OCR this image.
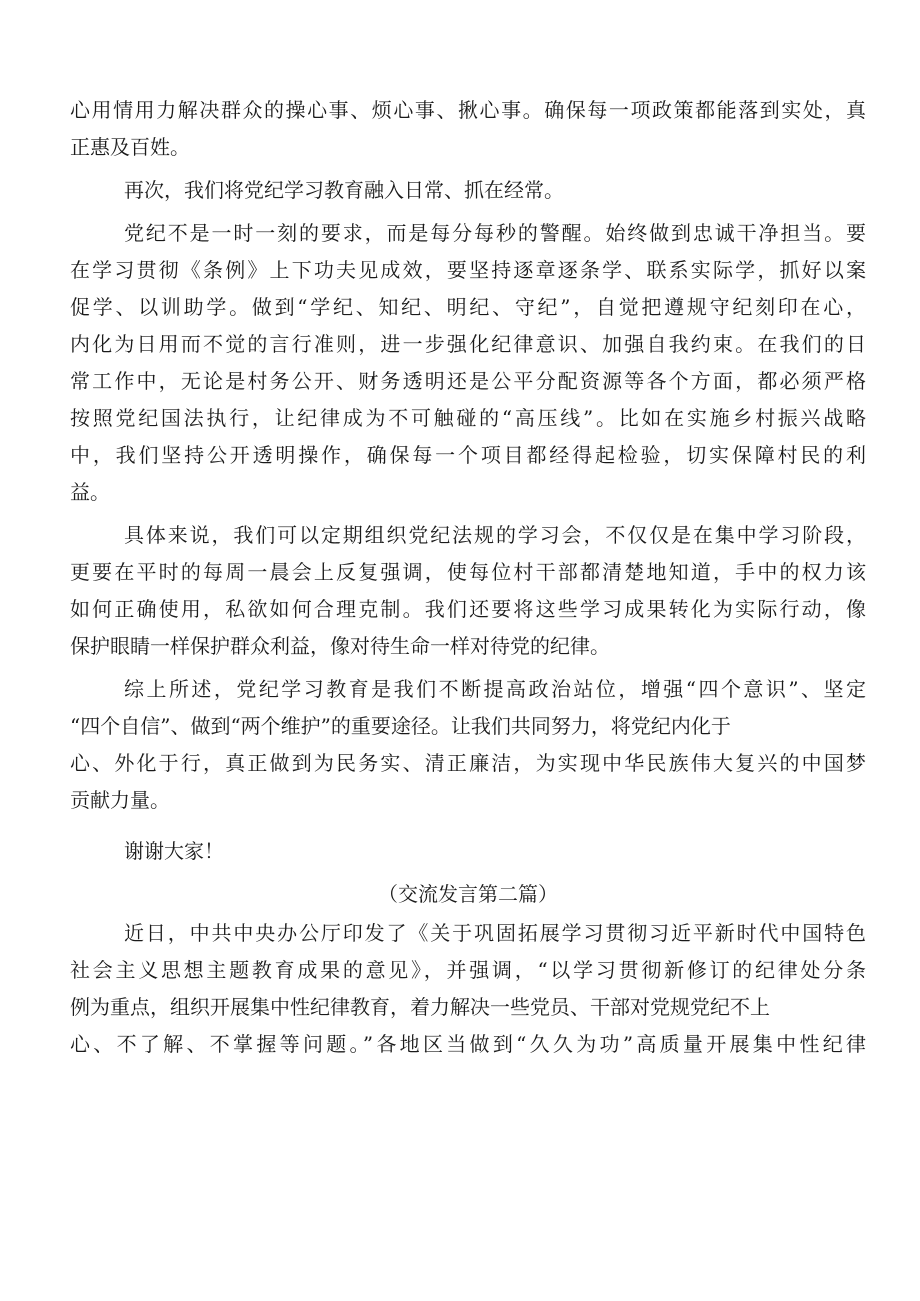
心用情用力解决群众的操心事、烦心事、揪心事。确保每一项政策都能落到实处，真
正惠及百姓。
再次，我们将党纪学习教育融入日常、抓在经常。
党纪不是一时一刻的要求，而是每分每秒的警醒。始终做到忠诚干净担当。要
在学习贯彻《条例》上下功夫见成效，要坚持逐章逐条学、联系实际学，抓好以案
促学、以训助学。做到“学纪、知纪、明纪、守纪”，自觉把遵规守纪刻印在心，
内化为日用而不觉的言行准则，进一步强化纪律意识、加强自我约束。在我们的日
常工作中，无论是村务公开、财务透明还是公平分配资源等各个方面，都必须严格
按照党纪国法执行，让纪律成为不可触碰的“高压线”。比如在实施乡村振兴战略
中，我们坚持公开透明操作，确保每一个项目都经得起检验，切实保障村民的利
益。
具体来说，我们可以定期组织党纪法规的学习会，不仅仅是在集中学习阶段，
更要在平时的每周一晨会上反复强调，使每位村干部都清楚地知道，手中的权力该
如何正确使用，私欲如何合理克制。我们还要将这些学习成果转化为实际行动，像
保护眼睛一样保护群众利益，像对待生命一样对待党的纪律。
综上所述，党纪学习教育是我们不断提高政治站位，增强“四个意识”、坚定
“四个自信”、做到“两个维护”的重要途径。让我们共同努力，将党纪内化于
心、外化于行，真正做到为民务实、清正廉洁，为实现中华民族伟大复兴的中国梦
贡献力量。
谢谢大家！
（交流发言第二篇）
近日，中共中央办公厅印发了《关于巩固拓展学习贯彻习近平新时代中国特色
社会主义思想主题教育成果的意见》，并强调，“以学习贯彻新修订的纪律处分条
例为重点，组织开展集中性纪律教育，着力解决一些党员、干部对党规党纪不上
心、不了解、不掌握等问题。”各地区当做到“久久为功”高质量开展集中性纪律
